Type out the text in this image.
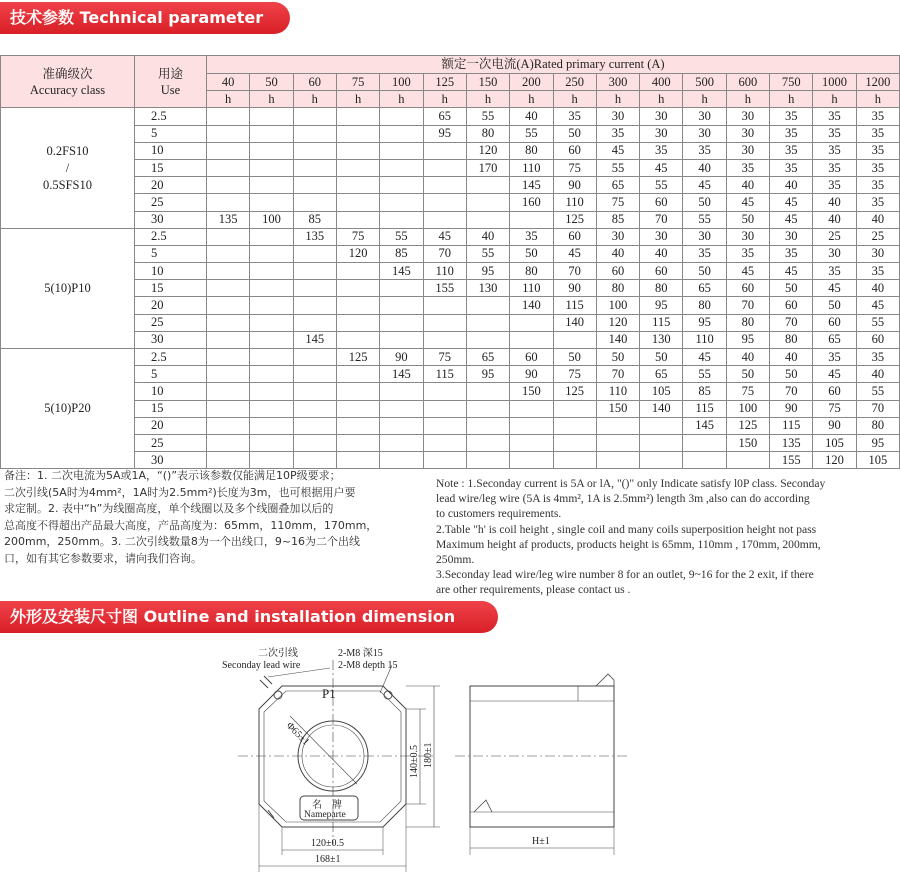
技术参数 Technical parameter
准确级次
Accuracy class	用途
Use	额定一次电流(A)Rated primary current (A)															
		40	50	60	75	100	125	150	200	250	300	400	500	600	750	1000	1200
		h	h	h	h	h	h	h	h	h	h	h	h	h	h	h	h

0.2FS10
/
0.5SFS10	2.5						65	55	40	35	30	30	30	30	35	35	35
	5						95	80	55	50	35	30	30	30	35	35	35
	10							120	80	60	45	35	35	30	35	35	35
	15							170	110	75	55	45	40	35	35	35	35
	20								145	90	65	55	45	40	40	35	35
	25								160	110	75	60	50	45	45	40	35
	30	135	100	85						125	85	70	55	50	45	40	40

5(10)P10	2.5			135	75	55	45	40	35	60	30	30	30	30	30	25	25
	5				120	85	70	55	50	45	40	40	35	35	35	30	30
	10					145	110	95	80	70	60	60	50	45	45	35	35
	15						155	130	110	90	80	80	65	60	50	45	40
	20								140	115	100	95	80	70	60	50	45
	25									140	120	115	95	80	70	60	55
	30			145							140	130	110	95	80	65	60

5(10)P20	2.5				125	90	75	65	60	50	50	50	45	40	40	35	35
	5					145	115	95	90	75	70	65	55	50	50	45	40
	10								150	125	110	105	85	75	70	60	55
	15										150	140	115	100	90	75	70
	20												145	125	115	90	80
	25													150	135	105	95
	30														155	120	105

备注：1. 二次电流为5A或1A，“()”表示该参数仅能满足10P级要求；

二次引线(5A时为4mm²，1A时为2.5mm²)长度为3m，也可根据用户要

求定制。2. 表中“h”为线圈高度，单个线圈以及多个线圈叠加以后的

总高度不得超出产品最大高度，产品高度为：65mm，110mm，170mm，

200mm，250mm。3. 二次引线数量8为一个出线口，9~16为二个出线

口，如有其它参数要求，请向我们咨询。

Note : 1.Seconday current is 5A or lA, "()" only Indicate satisfy l0P class. Seconday

lead wire/leg wire (5A is 4mm², 1A is 2.5mm²) length 3m ,also can do according

to customers requirements.

2.Table "h' is coil height , single coil and many coils superposition height not pass

Maximum height af products, products height is 65mm, 110mm , 170mm, 200mm,

250mm.

3.Seconday lead wire/leg wire number 8 for an outlet, 9~16 for the 2 exit, if there

are other requirements, please contact us .

外形及安装尺寸图 Outline and installation dimension
二次引线
Seconday lead wire
2-M8 深15
2-M8 depth 15
P1
Φ65±1
名　牌
Nameparte
140±0.5 180±1
120±0.5
168±1
H±1
